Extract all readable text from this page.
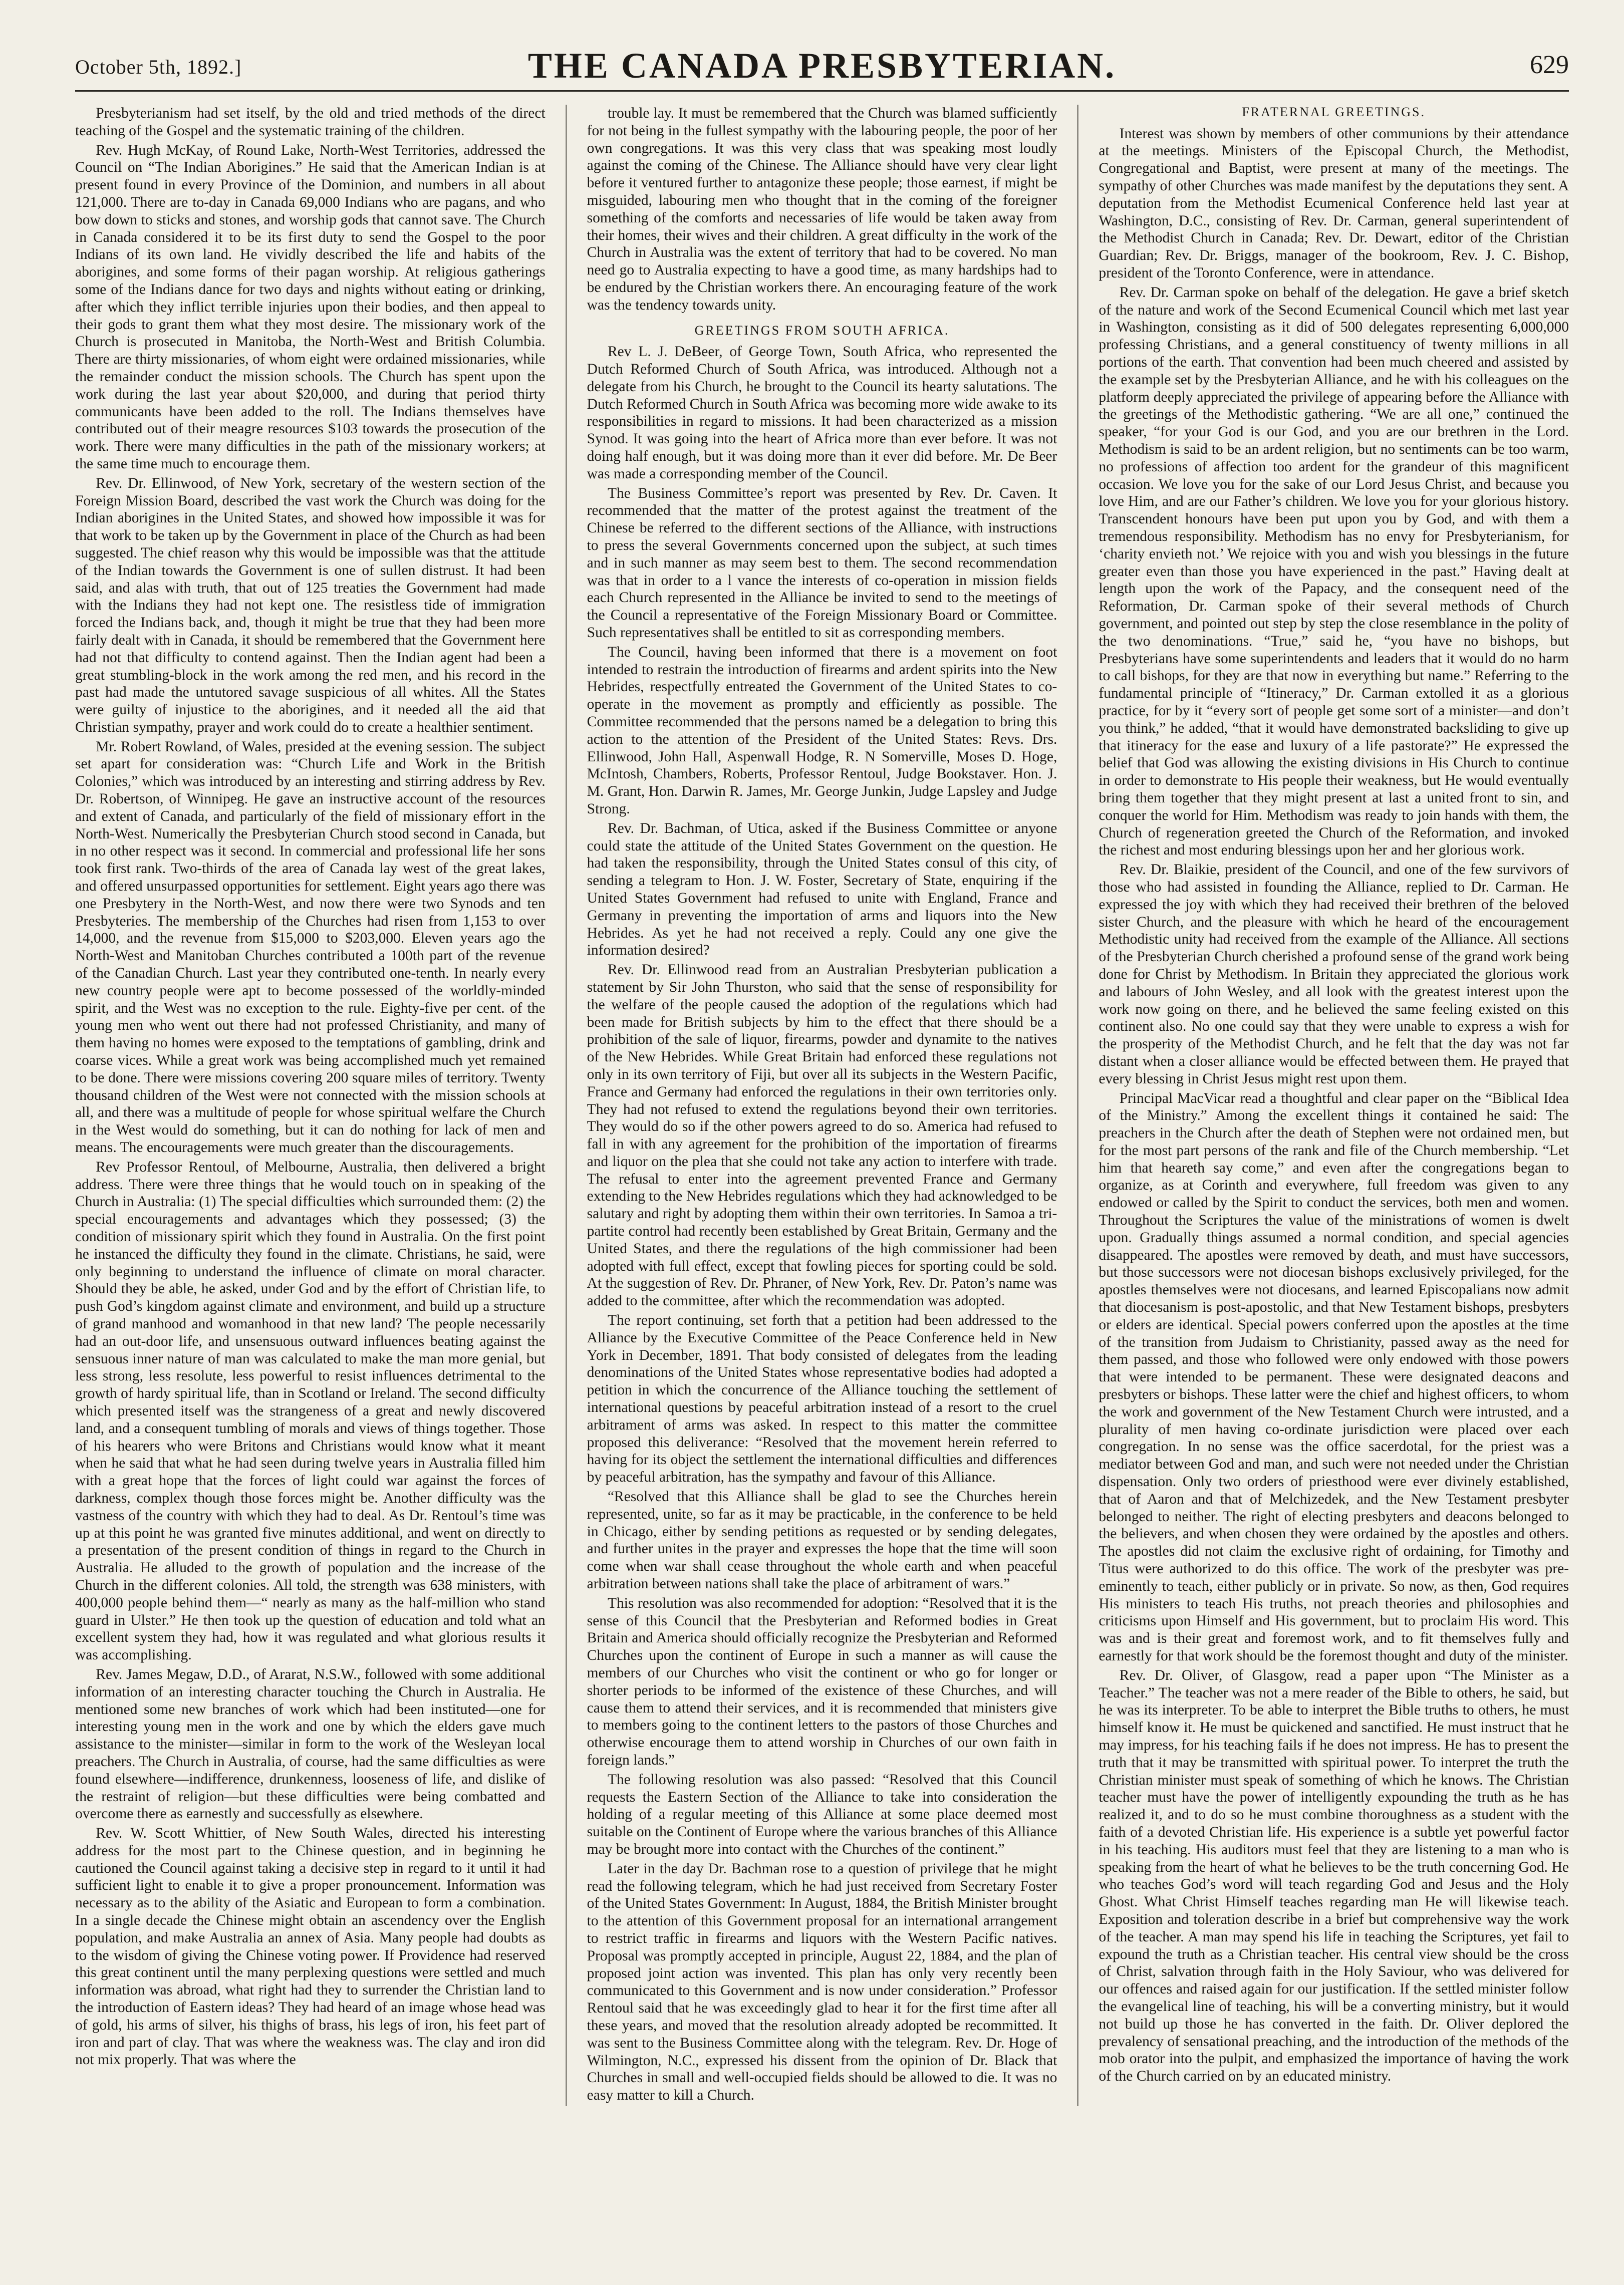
October 5th, 1892.]	THE CANADA PRESBYTERIAN.	629

Presbyterianism had set itself, by the old and tried methods of the direct teaching of the Gospel and the systematic training of the children.

Rev. Hugh McKay, of Round Lake, North-West Territories, addressed the Council on “The Indian Aborigines.” He said that the American Indian is at present found in every Province of the Dominion, and numbers in all about 121,000. There are to-day in Canada 69,000 Indians who are pagans, and who bow down to sticks and stones, and worship gods that cannot save. The Church in Canada considered it to be its first duty to send the Gospel to the poor Indians of its own land. He vividly described the life and habits of the aborigines, and some forms of their pagan worship. At religious gatherings some of the Indians dance for two days and nights without eating or drinking, after which they inflict terrible injuries upon their bodies, and then appeal to their gods to grant them what they most desire. The missionary work of the Church is prosecuted in Manitoba, the North-West and British Columbia. There are thirty missionaries, of whom eight were ordained missionaries, while the remainder conduct the mission schools. The Church has spent upon the work during the last year about $20,000, and during that period thirty communicants have been added to the roll. The Indians themselves have contributed out of their meagre resources $103 towards the prosecution of the work. There were many difficulties in the path of the missionary workers; at the same time much to encourage them.

Rev. Dr. Ellinwood, of New York, secretary of the western section of the Foreign Mission Board, described the vast work the Church was doing for the Indian aborigines in the United States, and showed how impossible it was for that work to be taken up by the Government in place of the Church as had been suggested. The chief reason why this would be impossible was that the attitude of the Indian towards the Government is one of sullen distrust. It had been said, and alas with truth, that out of 125 treaties the Government had made with the Indians they had not kept one. The resistless tide of immigration forced the Indians back, and, though it might be true that they had been more fairly dealt with in Canada, it should be remembered that the Government here had not that difficulty to contend against. Then the Indian agent had been a great stumbling-block in the work among the red men, and his record in the past had made the untutored savage suspicious of all whites. All the States were guilty of injustice to the aborigines, and it needed all the aid that Christian sympathy, prayer and work could do to create a healthier sentiment.

Mr. Robert Rowland, of Wales, presided at the evening session. The subject set apart for consideration was: “Church Life and Work in the British Colonies,” which was introduced by an interesting and stirring address by Rev. Dr. Robertson, of Winnipeg. He gave an instructive account of the resources and extent of Canada, and particularly of the field of missionary effort in the North-West. Numerically the Presbyterian Church stood second in Canada, but in no other respect was it second. In commercial and professional life her sons took first rank. Two-thirds of the area of Canada lay west of the great lakes, and offered unsurpassed opportunities for settlement. Eight years ago there was one Presbytery in the North-West, and now there were two Synods and ten Presbyteries. The membership of the Churches had risen from 1,153 to over 14,000, and the revenue from $15,000 to $203,000. Eleven years ago the North-West and Manitoban Churches contributed a 100th part of the revenue of the Canadian Church. Last year they contributed one-tenth. In nearly every new country people were apt to become possessed of the worldly-minded spirit, and the West was no exception to the rule. Eighty-five per cent. of the young men who went out there had not professed Christianity, and many of them having no homes were exposed to the temptations of gambling, drink and coarse vices. While a great work was being accomplished much yet remained to be done. There were missions covering 200 square miles of territory. Twenty thousand children of the West were not connected with the mission schools at all, and there was a multitude of people for whose spiritual welfare the Church in the West would do something, but it can do nothing for lack of men and means. The encouragements were much greater than the discouragements.

Rev Professor Rentoul, of Melbourne, Australia, then delivered a bright address. There were three things that he would touch on in speaking of the Church in Australia: (1) The special difficulties which surrounded them: (2) the special encouragements and advantages which they possessed; (3) the condition of missionary spirit which they found in Australia. On the first point he instanced the difficulty they found in the climate. Christians, he said, were only beginning to understand the influence of climate on moral character. Should they be able, he asked, under God and by the effort of Christian life, to push God’s kingdom against climate and environment, and build up a structure of grand manhood and womanhood in that new land? The people necessarily had an out-door life, and unsensuous outward influences beating against the sensuous inner nature of man was calculated to make the man more genial, but less strong, less resolute, less powerful to resist influences detrimental to the growth of hardy spiritual life, than in Scotland or Ireland. The second difficulty which presented itself was the strangeness of a great and newly discovered land, and a consequent tumbling of morals and views of things together. Those of his hearers who were Britons and Christians would know what it meant when he said that what he had seen during twelve years in Australia filled him with a great hope that the forces of light could war against the forces of darkness, complex though those forces might be. Another difficulty was the vastness of the country with which they had to deal. As Dr. Rentoul’s time was up at this point he was granted five minutes additional, and went on directly to a presentation of the present condition of things in regard to the Church in Australia. He alluded to the growth of population and the increase of the Church in the different colonies. All told, the strength was 638 ministers, with 400,000 people behind them—“ nearly as many as the half-million who stand guard in Ulster.” He then took up the question of education and told what an excellent system they had, how it was regulated and what glorious results it was accomplishing.

Rev. James Megaw, D.D., of Ararat, N.S.W., followed with some additional information of an interesting character touching the Church in Australia. He mentioned some new branches of work which had been instituted—one for interesting young men in the work and one by which the elders gave much assistance to the minister—similar in form to the work of the Wesleyan local preachers. The Church in Australia, of course, had the same difficulties as were found elsewhere—indifference, drunkenness, looseness of life, and dislike of the restraint of religion—but these difficulties were being combatted and overcome there as earnestly and successfully as elsewhere.

Rev. W. Scott Whittier, of New South Wales, directed his interesting address for the most part to the Chinese question, and in beginning he cautioned the Council against taking a decisive step in regard to it until it had sufficient light to enable it to give a proper pronouncement. Information was necessary as to the ability of the Asiatic and European to form a combination. In a single decade the Chinese might obtain an ascendency over the English population, and make Australia an annex of Asia. Many people had doubts as to the wisdom of giving the Chinese voting power. If Providence had reserved this great continent until the many perplexing questions were settled and much information was abroad, what right had they to surrender the Christian land to the introduction of Eastern ideas? They had heard of an image whose head was of gold, his arms of silver, his thighs of brass, his legs of iron, his feet part of iron and part of clay. That was where the weakness was. The clay and iron did not mix properly. That was where the

trouble lay. It must be remembered that the Church was blamed sufficiently for not being in the fullest sympathy with the labouring people, the poor of her own congregations. It was this very class that was speaking most loudly against the coming of the Chinese. The Alliance should have very clear light before it ventured further to antagonize these people; those earnest, if might be misguided, labouring men who thought that in the coming of the foreigner something of the comforts and necessaries of life would be taken away from their homes, their wives and their children. A great difficulty in the work of the Church in Australia was the extent of territory that had to be covered. No man need go to Australia expecting to have a good time, as many hardships had to be endured by the Christian workers there. An encouraging feature of the work was the tendency towards unity.

GREETINGS FROM SOUTH AFRICA.

Rev L. J. DeBeer, of George Town, South Africa, who represented the Dutch Reformed Church of South Africa, was introduced. Although not a delegate from his Church, he brought to the Council its hearty salutations. The Dutch Reformed Church in South Africa was becoming more wide awake to its responsibilities in regard to missions. It had been characterized as a mission Synod. It was going into the heart of Africa more than ever before. It was not doing half enough, but it was doing more than it ever did before. Mr. De Beer was made a corresponding member of the Council.

The Business Committee’s report was presented by Rev. Dr. Caven. It recommended that the matter of the protest against the treatment of the Chinese be referred to the different sections of the Alliance, with instructions to press the several Governments concerned upon the subject, at such times and in such manner as may seem best to them. The second recommendation was that in order to a l vance the interests of co-operation in mission fields each Church represented in the Alliance be invited to send to the meetings of the Council a representative of the Foreign Missionary Board or Committee. Such representatives shall be entitled to sit as corresponding members.

The Council, having been informed that there is a movement on foot intended to restrain the introduction of firearms and ardent spirits into the New Hebrides, respectfully entreated the Government of the United States to co-operate in the movement as promptly and efficiently as possible. The Committee recommended that the persons named be a delegation to bring this action to the attention of the President of the United States: Revs. Drs. Ellinwood, John Hall, Aspenwall Hodge, R. N Somerville, Moses D. Hoge, McIntosh, Chambers, Roberts, Professor Rentoul, Judge Bookstaver. Hon. J. M. Grant, Hon. Darwin R. James, Mr. George Junkin, Judge Lapsley and Judge Strong.

Rev. Dr. Bachman, of Utica, asked if the Business Committee or anyone could state the attitude of the United States Government on the question. He had taken the responsibility, through the United States consul of this city, of sending a telegram to Hon. J. W. Foster, Secretary of State, enquiring if the United States Government had refused to unite with England, France and Germany in preventing the importation of arms and liquors into the New Hebrides. As yet he had not received a reply. Could any one give the information desired?

Rev. Dr. Ellinwood read from an Australian Presbyterian publication a statement by Sir John Thurston, who said that the sense of responsibility for the welfare of the people caused the adoption of the regulations which had been made for British subjects by him to the effect that there should be a prohibition of the sale of liquor, firearms, powder and dynamite to the natives of the New Hebrides. While Great Britain had enforced these regulations not only in its own territory of Fiji, but over all its subjects in the Western Pacific, France and Germany had enforced the regulations in their own territories only. They had not refused to extend the regulations beyond their own territories. They would do so if the other powers agreed to do so. America had refused to fall in with any agreement for the prohibition of the importation of firearms and liquor on the plea that she could not take any action to interfere with trade. The refusal to enter into the agreement prevented France and Germany extending to the New Hebrides regulations which they had acknowledged to be salutary and right by adopting them within their own territories. In Samoa a tri-partite control had recently been established by Great Britain, Germany and the United States, and there the regulations of the high commissioner had been adopted with full effect, except that fowling pieces for sporting could be sold. At the suggestion of Rev. Dr. Phraner, of New York, Rev. Dr. Paton’s name was added to the committee, after which the recommendation was adopted.

The report continuing, set forth that a petition had been addressed to the Alliance by the Executive Committee of the Peace Conference held in New York in December, 1891. That body consisted of delegates from the leading denominations of the United States whose representative bodies had adopted a petition in which the concurrence of the Alliance touching the settlement of international questions by peaceful arbitration instead of a resort to the cruel arbitrament of arms was asked. In respect to this matter the committee proposed this deliverance: “Resolved that the movement herein referred to having for its object the settlement the international difficulties and differences by peaceful arbitration, has the sympathy and favour of this Alliance.

“Resolved that this Alliance shall be glad to see the Churches herein represented, unite, so far as it may be practicable, in the conference to be held in Chicago, either by sending petitions as requested or by sending delegates, and further unites in the prayer and expresses the hope that the time will soon come when war shall cease throughout the whole earth and when peaceful arbitration between nations shall take the place of arbitrament of wars.”

This resolution was also recommended for adoption: “Resolved that it is the sense of this Council that the Presbyterian and Reformed bodies in Great Britain and America should officially recognize the Presbyterian and Reformed Churches upon the continent of Europe in such a manner as will cause the members of our Churches who visit the continent or who go for longer or shorter periods to be informed of the existence of these Churches, and will cause them to attend their services, and it is recommended that ministers give to members going to the continent letters to the pastors of those Churches and otherwise encourage them to attend worship in Churches of our own faith in foreign lands.”

The following resolution was also passed: “Resolved that this Council requests the Eastern Section of the Alliance to take into consideration the holding of a regular meeting of this Alliance at some place deemed most suitable on the Continent of Europe where the various branches of this Alliance may be brought more into contact with the Churches of the continent.”

Later in the day Dr. Bachman rose to a question of privilege that he might read the following telegram, which he had just received from Secretary Foster of the United States Government: In August, 1884, the British Minister brought to the attention of this Government proposal for an international arrangement to restrict traffic in firearms and liquors with the Western Pacific natives. Proposal was promptly accepted in principle, August 22, 1884, and the plan of proposed joint action was invented. This plan has only very recently been communicated to this Government and is now under consideration.” Professor Rentoul said that he was exceedingly glad to hear it for the first time after all these years, and moved that the resolution already adopted be recommitted. It was sent to the Business Committee along with the telegram. Rev. Dr. Hoge of Wilmington, N.C., expressed his dissent from the opinion of Dr. Black that Churches in small and well-occupied fields should be allowed to die. It was no easy matter to kill a Church.

FRATERNAL GREETINGS.

Interest was shown by members of other communions by their attendance at the meetings. Ministers of the Episcopal Church, the Methodist, Congregational and Baptist, were present at many of the meetings. The sympathy of other Churches was made manifest by the deputations they sent. A deputation from the Methodist Ecumenical Conference held last year at Washington, D.C., consisting of Rev. Dr. Carman, general superintendent of the Methodist Church in Canada; Rev. Dr. Dewart, editor of the Christian Guardian; Rev. Dr. Briggs, manager of the bookroom, Rev. J. C. Bishop, president of the Toronto Conference, were in attendance.

Rev. Dr. Carman spoke on behalf of the delegation. He gave a brief sketch of the nature and work of the Second Ecumenical Council which met last year in Washington, consisting as it did of 500 delegates representing 6,000,000 professing Christians, and a general constituency of twenty millions in all portions of the earth. That convention had been much cheered and assisted by the example set by the Presbyterian Alliance, and he with his colleagues on the platform deeply appreciated the privilege of appearing before the Alliance with the greetings of the Methodistic gathering. “We are all one,” continued the speaker, “for your God is our God, and you are our brethren in the Lord. Methodism is said to be an ardent religion, but no sentiments can be too warm, no professions of affection too ardent for the grandeur of this magnificent occasion. We love you for the sake of our Lord Jesus Christ, and because you love Him, and are our Father’s children. We love you for your glorious history. Transcendent honours have been put upon you by God, and with them a tremendous responsibility. Methodism has no envy for Presbyterianism, for ‘charity envieth not.’ We rejoice with you and wish you blessings in the future greater even than those you have experienced in the past.” Having dealt at length upon the work of the Papacy, and the consequent need of the Reformation, Dr. Carman spoke of their several methods of Church government, and pointed out step by step the close resemblance in the polity of the two denominations. “True,” said he, “you have no bishops, but Presbyterians have some superintendents and leaders that it would do no harm to call bishops, for they are that now in everything but name.” Referring to the fundamental principle of “Itineracy,” Dr. Carman extolled it as a glorious practice, for by it “every sort of people get some sort of a minister—and don’t you think,” he added, “that it would have demonstrated backsliding to give up that itineracy for the ease and luxury of a life pastorate?” He expressed the belief that God was allowing the existing divisions in His Church to continue in order to demonstrate to His people their weakness, but He would eventually bring them together that they might present at last a united front to sin, and conquer the world for Him. Methodism was ready to join hands with them, the Church of regeneration greeted the Church of the Reformation, and invoked the richest and most enduring blessings upon her and her glorious work.

Rev. Dr. Blaikie, president of the Council, and one of the few survivors of those who had assisted in founding the Alliance, replied to Dr. Carman. He expressed the joy with which they had received their brethren of the beloved sister Church, and the pleasure with which he heard of the encouragement Methodistic unity had received from the example of the Alliance. All sections of the Presbyterian Church cherished a profound sense of the grand work being done for Christ by Methodism. In Britain they appreciated the glorious work and labours of John Wesley, and all look with the greatest interest upon the work now going on there, and he believed the same feeling existed on this continent also. No one could say that they were unable to express a wish for the prosperity of the Methodist Church, and he felt that the day was not far distant when a closer alliance would be effected between them. He prayed that every blessing in Christ Jesus might rest upon them.

Principal MacVicar read a thoughtful and clear paper on the “Biblical Idea of the Ministry.” Among the excellent things it contained he said: The preachers in the Church after the death of Stephen were not ordained men, but for the most part persons of the rank and file of the Church membership. “Let him that heareth say come,” and even after the congregations began to organize, as at Corinth and everywhere, full freedom was given to any endowed or called by the Spirit to conduct the services, both men and women. Throughout the Scriptures the value of the ministrations of women is dwelt upon. Gradually things assumed a normal condition, and special agencies disappeared. The apostles were removed by death, and must have successors, but those successors were not diocesan bishops exclusively privileged, for the apostles themselves were not diocesans, and learned Episcopalians now admit that diocesanism is post-apostolic, and that New Testament bishops, presbyters or elders are identical. Special powers conferred upon the apostles at the time of the transition from Judaism to Christianity, passed away as the need for them passed, and those who followed were only endowed with those powers that were intended to be permanent. These were designated deacons and presbyters or bishops. These latter were the chief and highest officers, to whom the work and government of the New Testament Church were intrusted, and a plurality of men having co-ordinate jurisdiction were placed over each congregation. In no sense was the office sacerdotal, for the priest was a mediator between God and man, and such were not needed under the Christian dispensation. Only two orders of priesthood were ever divinely established, that of Aaron and that of Melchizedek, and the New Testament presbyter belonged to neither. The right of electing presbyters and deacons belonged to the believers, and when chosen they were ordained by the apostles and others. The apostles did not claim the exclusive right of ordaining, for Timothy and Titus were authorized to do this office. The work of the presbyter was pre-eminently to teach, either publicly or in private. So now, as then, God requires His ministers to teach His truths, not preach theories and philosophies and criticisms upon Himself and His government, but to proclaim His word. This was and is their great and foremost work, and to fit themselves fully and earnestly for that work should be the foremost thought and duty of the minister.

Rev. Dr. Oliver, of Glasgow, read a paper upon “The Minister as a Teacher.” The teacher was not a mere reader of the Bible to others, he said, but he was its interpreter. To be able to interpret the Bible truths to others, he must himself know it. He must be quickened and sanctified. He must instruct that he may impress, for his teaching fails if he does not impress. He has to present the truth that it may be transmitted with spiritual power. To interpret the truth the Christian minister must speak of something of which he knows. The Christian teacher must have the power of intelligently expounding the truth as he has realized it, and to do so he must combine thoroughness as a student with the faith of a devoted Christian life. His experience is a subtle yet powerful factor in his teaching. His auditors must feel that they are listening to a man who is speaking from the heart of what he believes to be the truth concerning God. He who teaches God’s word will teach regarding God and Jesus and the Holy Ghost. What Christ Himself teaches regarding man He will likewise teach. Exposition and toleration describe in a brief but comprehensive way the work of the teacher. A man may spend his life in teaching the Scriptures, yet fail to expound the truth as a Christian teacher. His central view should be the cross of Christ, salvation through faith in the Holy Saviour, who was delivered for our offences and raised again for our justification. If the settled minister follow the evangelical line of teaching, his will be a converting ministry, but it would not build up those he has converted in the faith. Dr. Oliver deplored the prevalency of sensational preaching, and the introduction of the methods of the mob orator into the pulpit, and emphasized the importance of having the work of the Church carried on by an educated ministry.
